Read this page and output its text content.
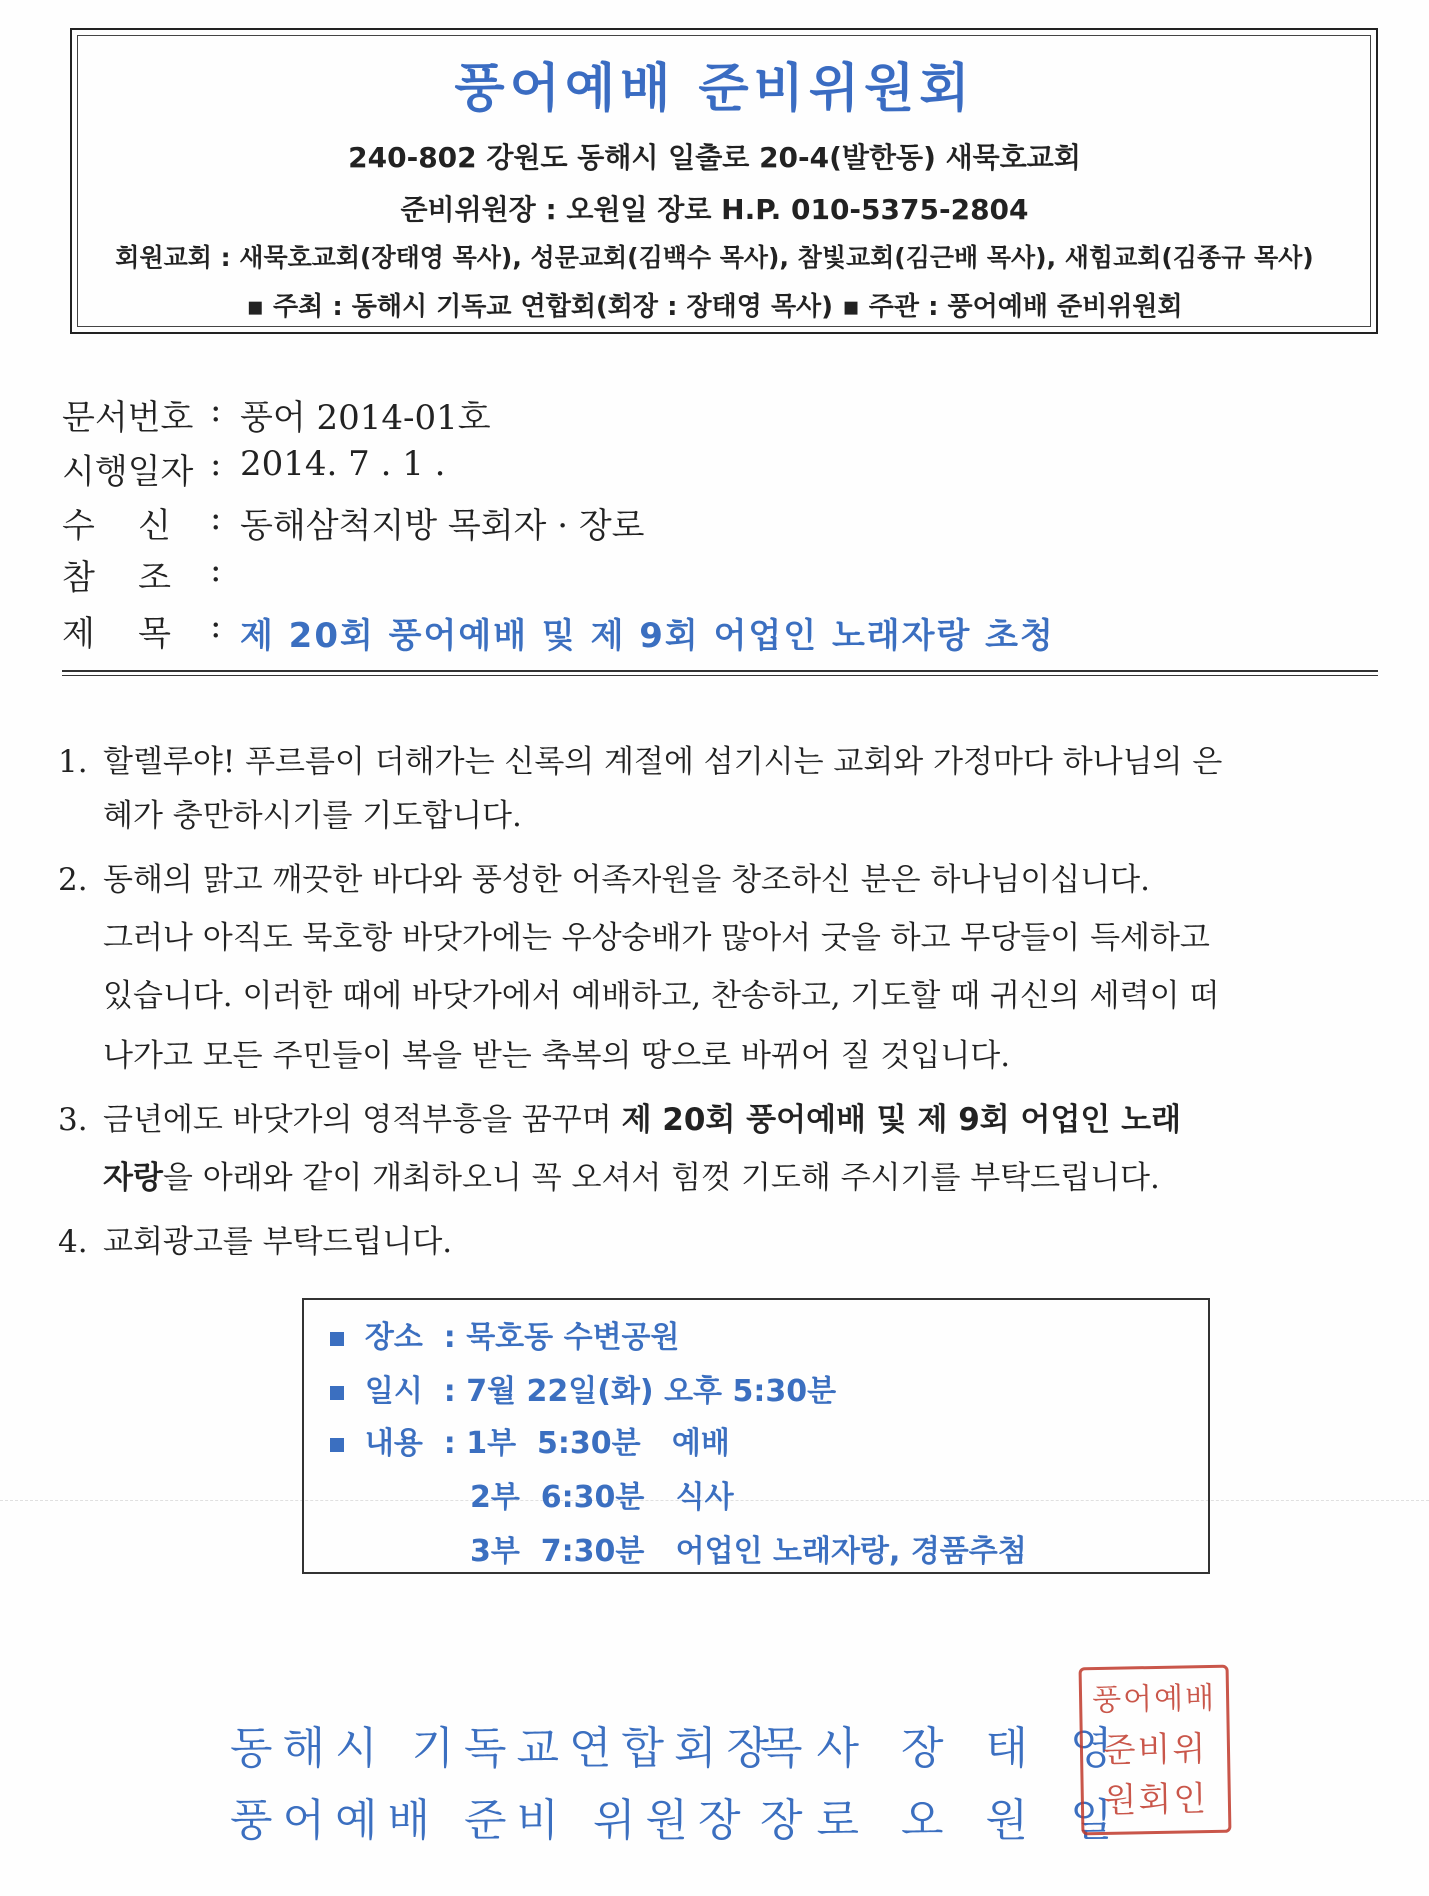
풍어예배 준비위원회
240-802 강원도 동해시 일출로 20-4(발한동) 새묵호교회
준비위원장 : 오원일 장로 H.P. 010-5375-2804
회원교회 : 새묵호교회(장태영 목사), 성문교회(김백수 목사), 참빛교회(김근배 목사), 새힘교회(김종규 목사)
▪ 주최 : 동해시 기독교 연합회(회장 : 장태영 목사) ▪ 주관 : 풍어예배 준비위원회
문서번호 : 풍어 2014-01호
시행일자 : 2014. 7 . 1 .
수    신	: 동해삼척지방 목회자 · 장로
참    조	:
제    목	: 제 20회 풍어예배 및 제 9회 어업인 노래자랑 초청
1. 할렐루야! 푸르름이 더해가는 신록의 계절에 섬기시는 교회와 가정마다 하나님의 은
혜가 충만하시기를 기도합니다.
2. 동해의 맑고 깨끗한 바다와 풍성한 어족자원을 창조하신 분은 하나님이십니다.
그러나 아직도 묵호항 바닷가에는 우상숭배가 많아서 굿을 하고 무당들이 득세하고
있습니다. 이러한 때에 바닷가에서 예배하고, 찬송하고, 기도할 때 귀신의 세력이 떠
나가고 모든 주민들이 복을 받는 축복의 땅으로 바뀌어 질 것입니다.
3. 금년에도 바닷가의 영적부흥을 꿈꾸며 제 20회 풍어예배 및 제 9회 어업인 노래
자랑을 아래와 같이 개최하오니 꼭 오셔서 힘껏 기도해 주시기를 부탁드립니다.
4. 교회광고를 부탁드립니다.
장소 : 묵호동 수변공원
일시 : 7월 22일(화) 오후 5:30분
내용 : 1부  5:30분   예배
2부  6:30분   식사
3부  7:30분   어업인 노래자랑, 경품추첨
동해시 기독교연합회장
목사 장 태 영
풍어예배 준비 위원장 장로 오 원 일
풍어예배
준비위
원회인
